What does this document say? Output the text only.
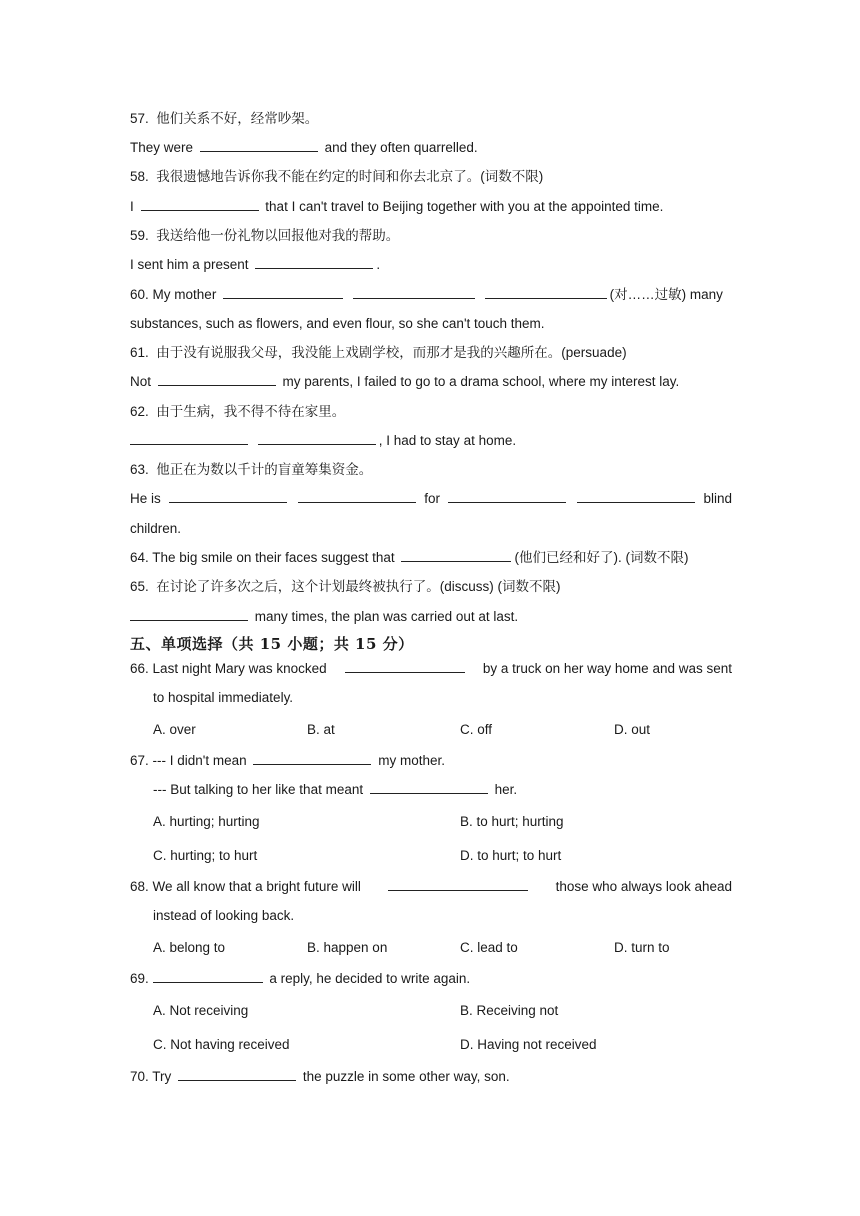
57. 他们关系不好，经常吵架。
They were	and they often quarrelled.
58. 我很遗憾地告诉你我不能在约定的时间和你去北京了。(词数不限)
I	that I can't travel to Beijing together with you at the appointed time.
59. 我送给他一份礼物以回报他对我的帮助。
I sent him a present	.
60. My mother	(对……过敏) many
substances, such as flowers, and even flour, so she can't touch them.
61. 由于没有说服我父母，我没能上戏剧学校，而那才是我的兴趣所在。(persuade)
Not	my parents, I failed to go to a drama school, where my interest lay.
62. 由于生病，我不得不待在家里。
, I had to stay at home.
63. 他正在为数以千计的盲童筹集资金。
He is	for	blind
children.
64. The big smile on their faces suggest that	(他们已经和好了). (词数不限)
65. 在讨论了许多次之后，这个计划最终被执行了。(discuss) (词数不限)
many times, the plan was carried out at last.
五、单项选择（共 15 小题；共 15 分）
66. Last night Mary was knocked	by a truck on her way home and was sent
to hospital immediately.
A. over	B. at	C. off	D. out
67. --- I didn't mean	my mother.
--- But talking to her like that meant	her.
A. hurting; hurting	B. to hurt; hurting
C. hurting; to hurt	D. to hurt; to hurt
68. We all know that a bright future will	those who always look ahead
instead of looking back.
A. belong to	B. happen on	C. lead to	D. turn to
69.	a reply, he decided to write again.
A. Not receiving	B. Receiving not
C. Not having received	D. Having not received
70. Try	the puzzle in some other way, son.
